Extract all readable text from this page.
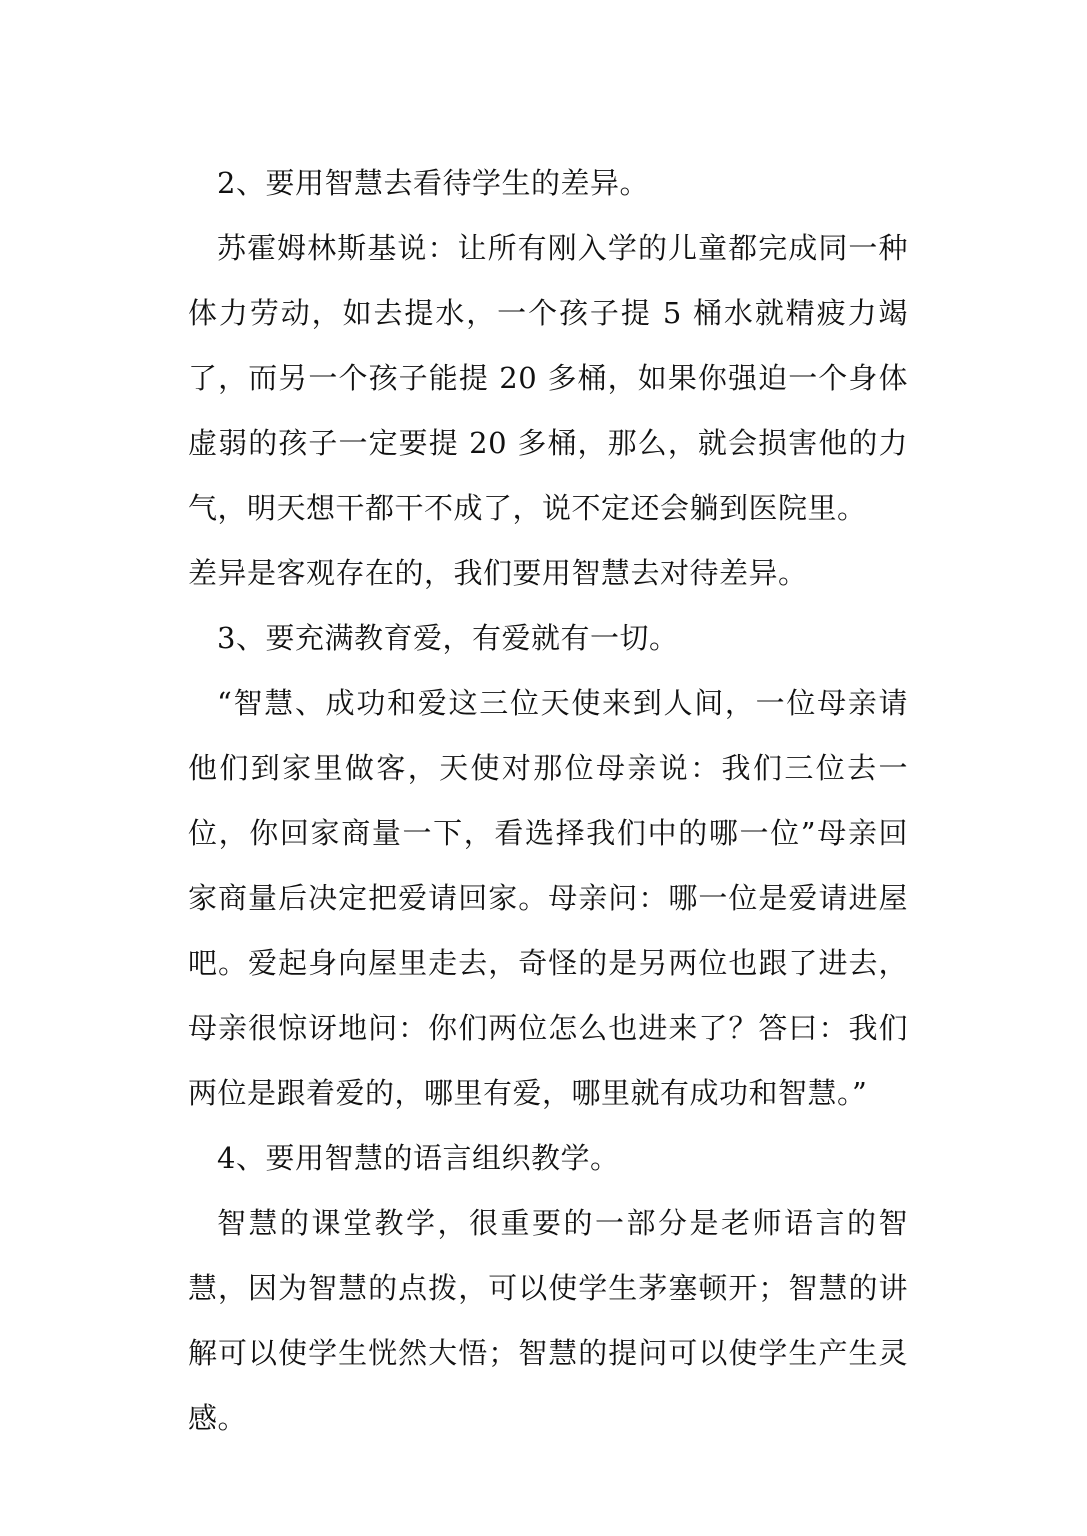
2、要用智慧去看待学生的差异。

苏霍姆林斯基说：让所有刚入学的儿童都完成同一种体力劳动，如去提水，一个孩子提 5 桶水就精疲力竭了，而另一个孩子能提 20 多桶，如果你强迫一个身体虚弱的孩子一定要提 20 多桶，那么，就会损害他的力气，明天想干都干不成了，说不定还会躺到医院里。

差异是客观存在的，我们要用智慧去对待差异。

3、要充满教育爱，有爱就有一切。

“智慧、成功和爱这三位天使来到人间，一位母亲请他们到家里做客，天使对那位母亲说：我们三位去一位，你回家商量一下，看选择我们中的哪一位”母亲回家商量后决定把爱请回家。母亲问：哪一位是爱请进屋吧。爱起身向屋里走去，奇怪的是另两位也跟了进去，母亲很惊讶地问：你们两位怎么也进来了？答曰：我们两位是跟着爱的，哪里有爱，哪里就有成功和智慧。”

4、要用智慧的语言组织教学。

智慧的课堂教学，很重要的一部分是老师语言的智慧，因为智慧的点拨，可以使学生茅塞顿开；智慧的讲解可以使学生恍然大悟；智慧的提问可以使学生产生灵感。
